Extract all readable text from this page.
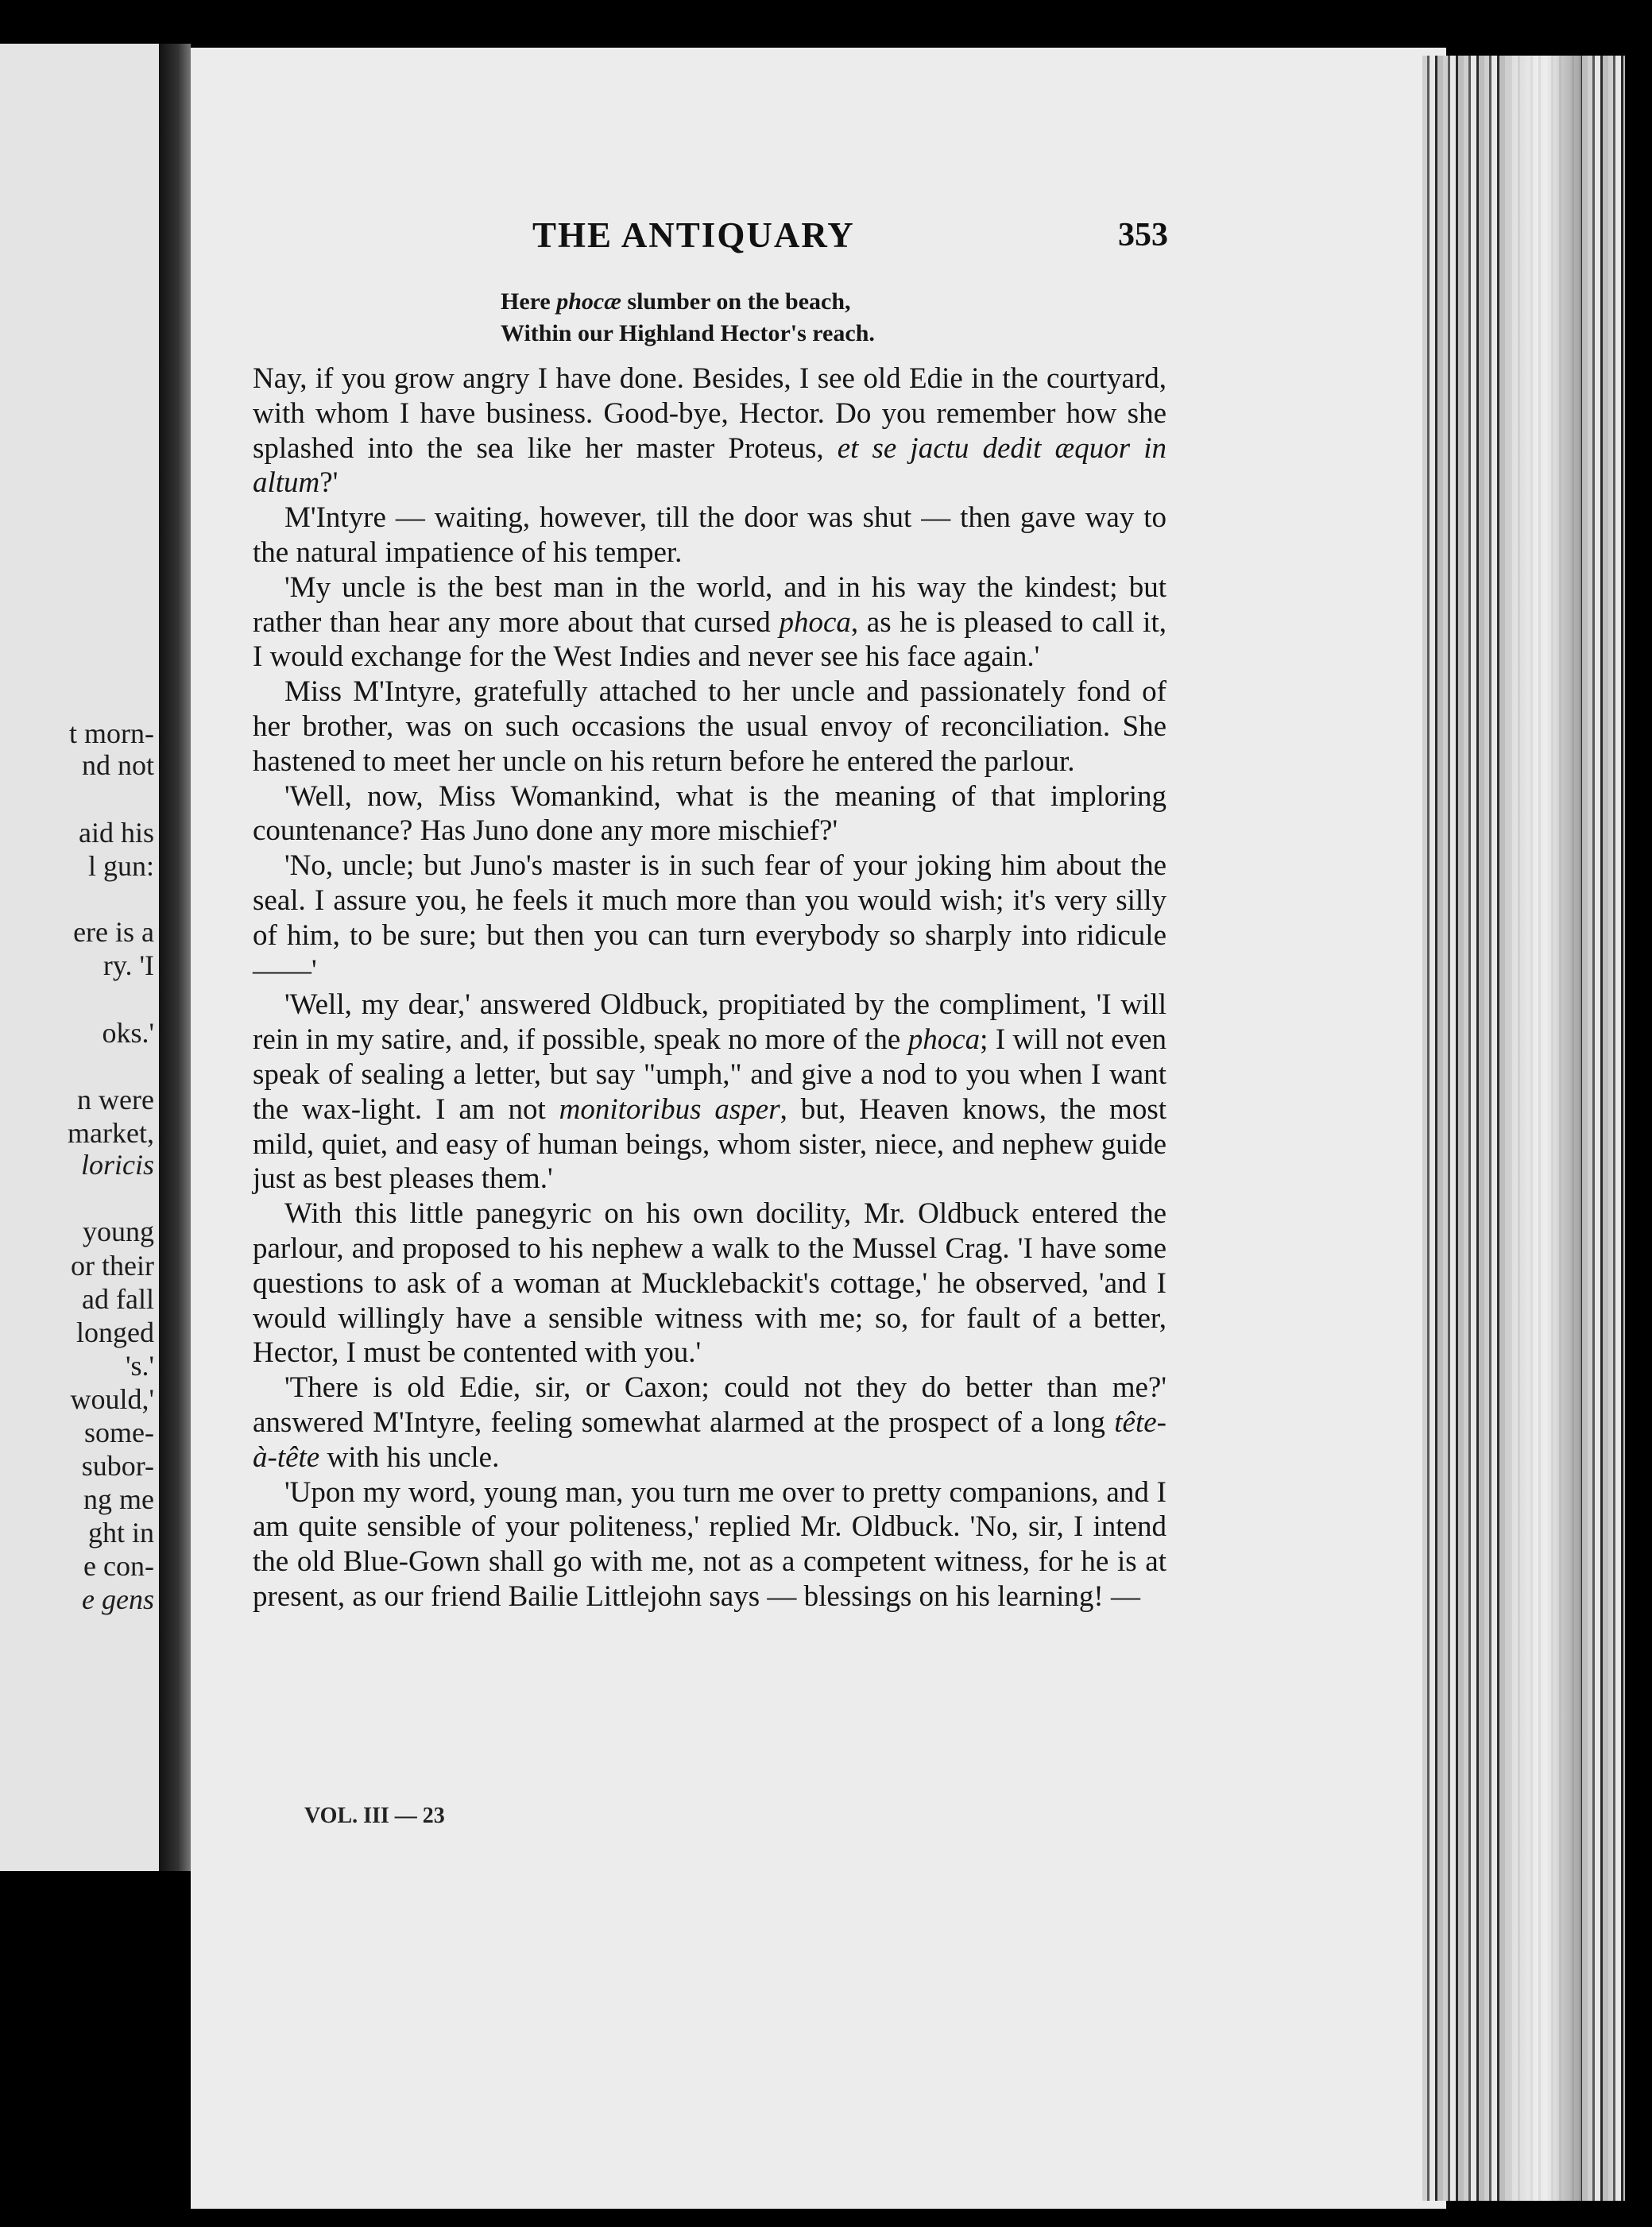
t morn-
nd not
aid his
l gun:
ere is a
ry. 'I
oks.'
n were
market,
loricis
young
or their
ad fall
longed
's.'
would,'
some-
subor-
ng me
ght in
e con-
e gens
THE ANTIQUARY	353
Here phocæ slumber on the beach,
Within our Highland Hector's reach.

Nay, if you grow angry I have done. Besides, I see old Edie in the courtyard, with whom I have business. Good-bye, Hector. Do you remember how she splashed into the sea like her master Proteus, et se jactu dedit æquor in altum?'

M'Intyre — waiting, however, till the door was shut — then gave way to the natural impatience of his temper.

'My uncle is the best man in the world, and in his way the kindest; but rather than hear any more about that cursed phoca, as he is pleased to call it, I would exchange for the West Indies and never see his face again.'

Miss M'Intyre, gratefully attached to her uncle and passionately fond of her brother, was on such occasions the usual envoy of reconciliation. She hastened to meet her uncle on his return before he entered the parlour.

'Well, now, Miss Womankind, what is the meaning of that imploring countenance? Has Juno done any more mischief?'

'No, uncle; but Juno's master is in such fear of your joking him about the seal. I assure you, he feels it much more than you would wish; it's very silly of him, to be sure; but then you can turn everybody so sharply into ridicule ——'

'Well, my dear,' answered Oldbuck, propitiated by the compliment, 'I will rein in my satire, and, if possible, speak no more of the phoca; I will not even speak of sealing a letter, but say "umph," and give a nod to you when I want the wax-light. I am not monitoribus asper, but, Heaven knows, the most mild, quiet, and easy of human beings, whom sister, niece, and nephew guide just as best pleases them.'

With this little panegyric on his own docility, Mr. Oldbuck entered the parlour, and proposed to his nephew a walk to the Mussel Crag. 'I have some questions to ask of a woman at Mucklebackit's cottage,' he observed, 'and I would willingly have a sensible witness with me; so, for fault of a better, Hector, I must be contented with you.'

'There is old Edie, sir, or Caxon; could not they do better than me?' answered M'Intyre, feeling somewhat alarmed at the prospect of a long tête-à-tête with his uncle.

'Upon my word, young man, you turn me over to pretty companions, and I am quite sensible of your politeness,' replied Mr. Oldbuck. 'No, sir, I intend the old Blue-Gown shall go with me, not as a competent witness, for he is at present, as our friend Bailie Littlejohn says — blessings on his learning! —

VOL. III — 23
